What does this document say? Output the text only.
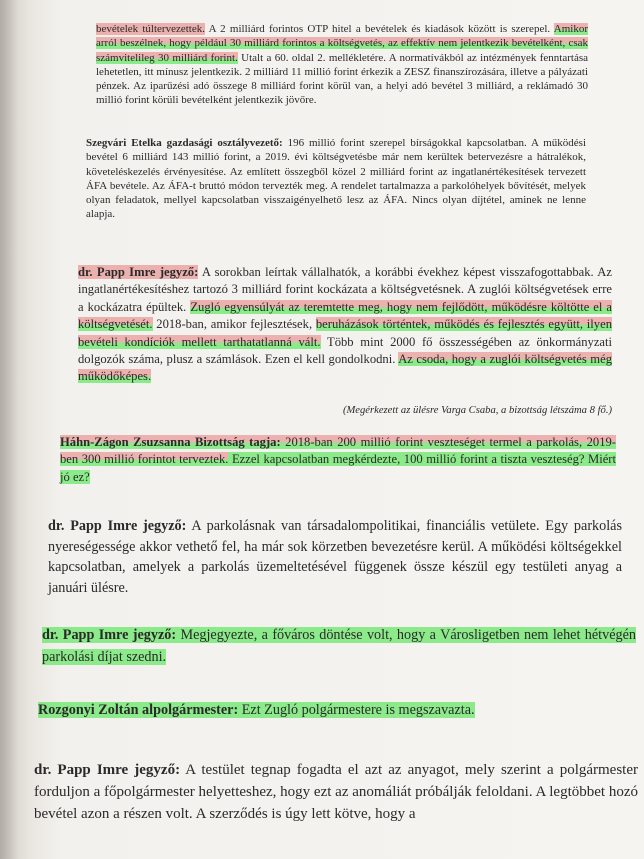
bevételek túltervezettek. A 2 milliárd forintos OTP hitel a bevételek és kiadások között is szerepel. Amikor arról beszélnek, hogy például 30 milliárd forintos a költségvetés, az effektív nem jelentkezik bevételként, csak számvitelileg 30 milliárd forint. Utalt a 60. oldal 2. mellékletére. A normatívákból az intézmények fenntartása lehetetlen, itt mínusz jelentkezik. 2 milliárd 11 millió forint érkezik a ZESZ finanszírozására, illetve a pályázati pénzek. Az iparűzési adó összege 8 milliárd forint körül van, a helyi adó bevétel 3 milliárd, a reklámadó 30 millió forint körüli bevételként jelentkezik jövőre.
Szegvári Etelka gazdasági osztályvezető: 196 millió forint szerepel bírságokkal kapcsolatban. A működési bevétel 6 milliárd 143 millió forint, a 2019. évi költségvetésbe már nem kerültek betervezésre a hátralékok, követeléskezelés érvényesítése. Az említett összegből közel 2 milliárd forint az ingatlanértékesítések tervezett ÁFA bevétele. Az ÁFA-t bruttó módon tervezték meg. A rendelet tartalmazza a parkolóhelyek bővítését, melyek olyan feladatok, mellyel kapcsolatban visszaigényelhető lesz az ÁFA. Nincs olyan díjtétel, aminek ne lenne alapja.
dr. Papp Imre jegyző: A sorokban leírtak vállalhatók, a korábbi évekhez képest visszafogottabbak. Az ingatlanértékesítéshez tartozó 3 milliárd forint kockázata a költségvetésnek. A zuglói költségvetések erre a kockázatra épültek. Zugló egyensúlyát az teremtette meg, hogy nem fejlődött, működésre költötte el a költségvetését. 2018-ban, amikor fejlesztések, beruházások történtek, működés és fejlesztés együtt, ilyen bevételi kondíciók mellett tarthatatlanná vált. Több mint 2000 fő összességében az önkormányzati dolgozók száma, plusz a számlások. Ezen el kell gondolkodni. Az csoda, hogy a zuglói költségvetés még működőképes.
(Megérkezett az ülésre Varga Csaba, a bizottság létszáma 8 fő.)
Háhn-Zágon Zsuzsanna Bizottság tagja: 2018-ban 200 millió forint veszteséget termel a parkolás, 2019-ben 300 millió forintot terveztek. Ezzel kapcsolatban megkérdezte, 100 millió forint a tiszta veszteség? Miért jó ez?
dr. Papp Imre jegyző: A parkolásnak van társadalompolitikai, financiális vetülete. Egy parkolás nyereségessége akkor vethető fel, ha már sok körzetben bevezetésre kerül. A működési költségekkel kapcsolatban, amelyek a parkolás üzemeltetésével függenek össze készül egy testületi anyag a januári ülésre.
dr. Papp Imre jegyző: Megjegyezte, a főváros döntése volt, hogy a Városligetben nem lehet hétvégén parkolási díjat szedni.
Rozgonyi Zoltán alpolgármester: Ezt Zugló polgármestere is megszavazta.
dr. Papp Imre jegyző: A testület tegnap fogadta el azt az anyagot, mely szerint a polgármester forduljon a főpolgármester helyetteshez, hogy ezt az anomáliát próbálják feloldani. A legtöbbet hozó bevétel azon a részen volt. A szerződés is úgy lett kötve, hogy a
